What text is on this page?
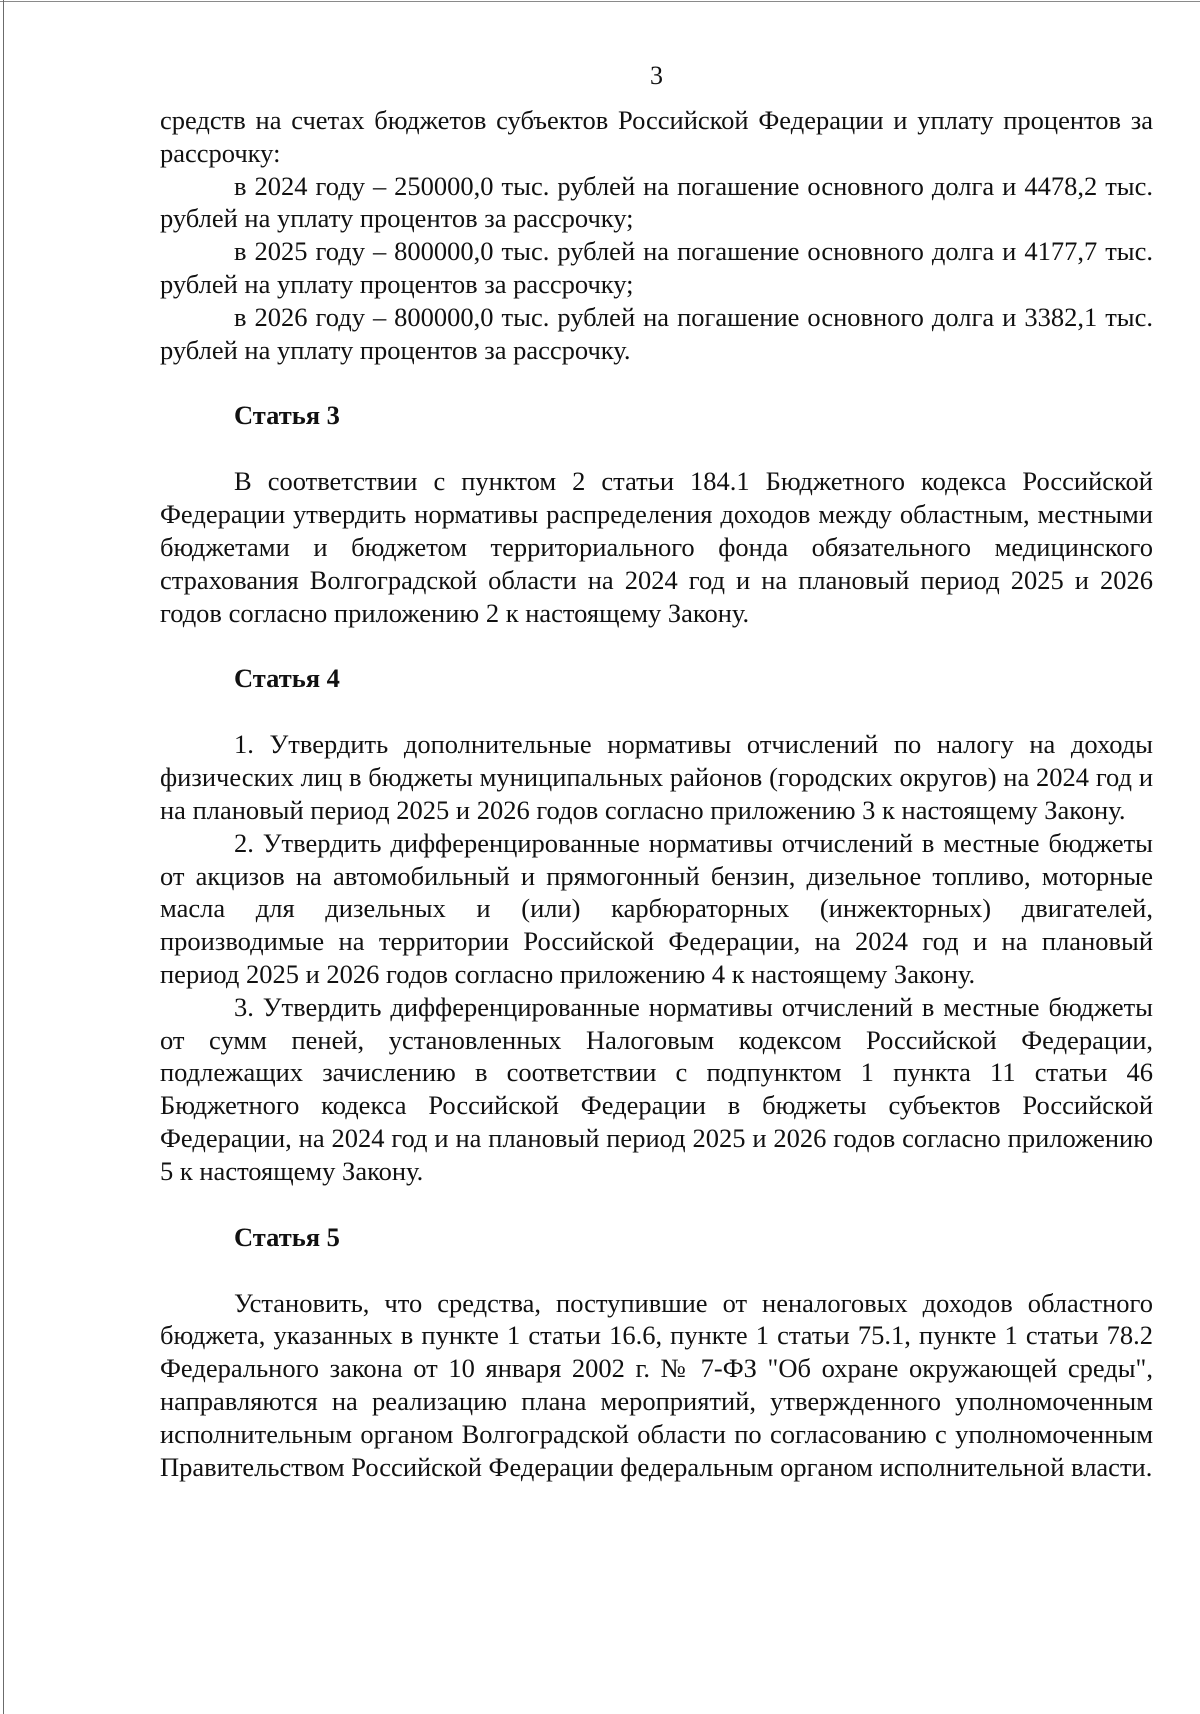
3

средств на счетах бюджетов субъектов Российской Федерации и уплату процентов за рассрочку:

в 2024 году – 250000,0 тыс. рублей на погашение основного долга и 4478,2 тыс. рублей на уплату процентов за рассрочку;

в 2025 году – 800000,0 тыс. рублей на погашение основного долга и 4177,7 тыс. рублей на уплату процентов за рассрочку;

в 2026 году – 800000,0 тыс. рублей на погашение основного долга и 3382,1 тыс. рублей на уплату процентов за рассрочку.

Статья 3

В соответствии с пунктом 2 статьи 184.1 Бюджетного кодекса Российской Федерации утвердить нормативы распределения доходов между областным, местными бюджетами и бюджетом территориального фонда обязательного медицинского страхования Волгоградской области на 2024 год и на плановый период 2025 и 2026 годов согласно приложению 2 к настоящему Закону.

Статья 4

1. Утвердить дополнительные нормативы отчислений по налогу на доходы физических лиц в бюджеты муниципальных районов (городских округов) на 2024 год и на плановый период 2025 и 2026 годов согласно приложению 3 к настоящему Закону.

2. Утвердить дифференцированные нормативы отчислений в местные бюджеты от акцизов на автомобильный и прямогонный бензин, дизельное топливо, моторные масла для дизельных и (или) карбюраторных (инжекторных) двигателей, производимые на территории Российской Федерации, на 2024 год и на плановый период 2025 и 2026 годов согласно приложению 4 к настоящему Закону.

3. Утвердить дифференцированные нормативы отчислений в местные бюджеты от сумм пеней, установленных Налоговым кодексом Российской Федерации, подлежащих зачислению в соответствии с подпунктом 1 пункта 11 статьи 46 Бюджетного кодекса Российской Федерации в бюджеты субъектов Российской Федерации, на 2024 год и на плановый период 2025 и 2026 годов согласно приложению 5 к настоящему Закону.

Статья 5

Установить, что средства, поступившие от неналоговых доходов областного бюджета, указанных в пункте 1 статьи 16.6, пункте 1 статьи 75.1, пункте 1 статьи 78.2 Федерального закона от 10 января 2002 г. № 7-ФЗ "Об охране окружающей среды", направляются на реализацию плана мероприятий, утвержденного уполномоченным исполнительным органом Волгоградской области по согласованию с уполномоченным Правительством Российской Федерации федеральным органом исполнительной власти.
